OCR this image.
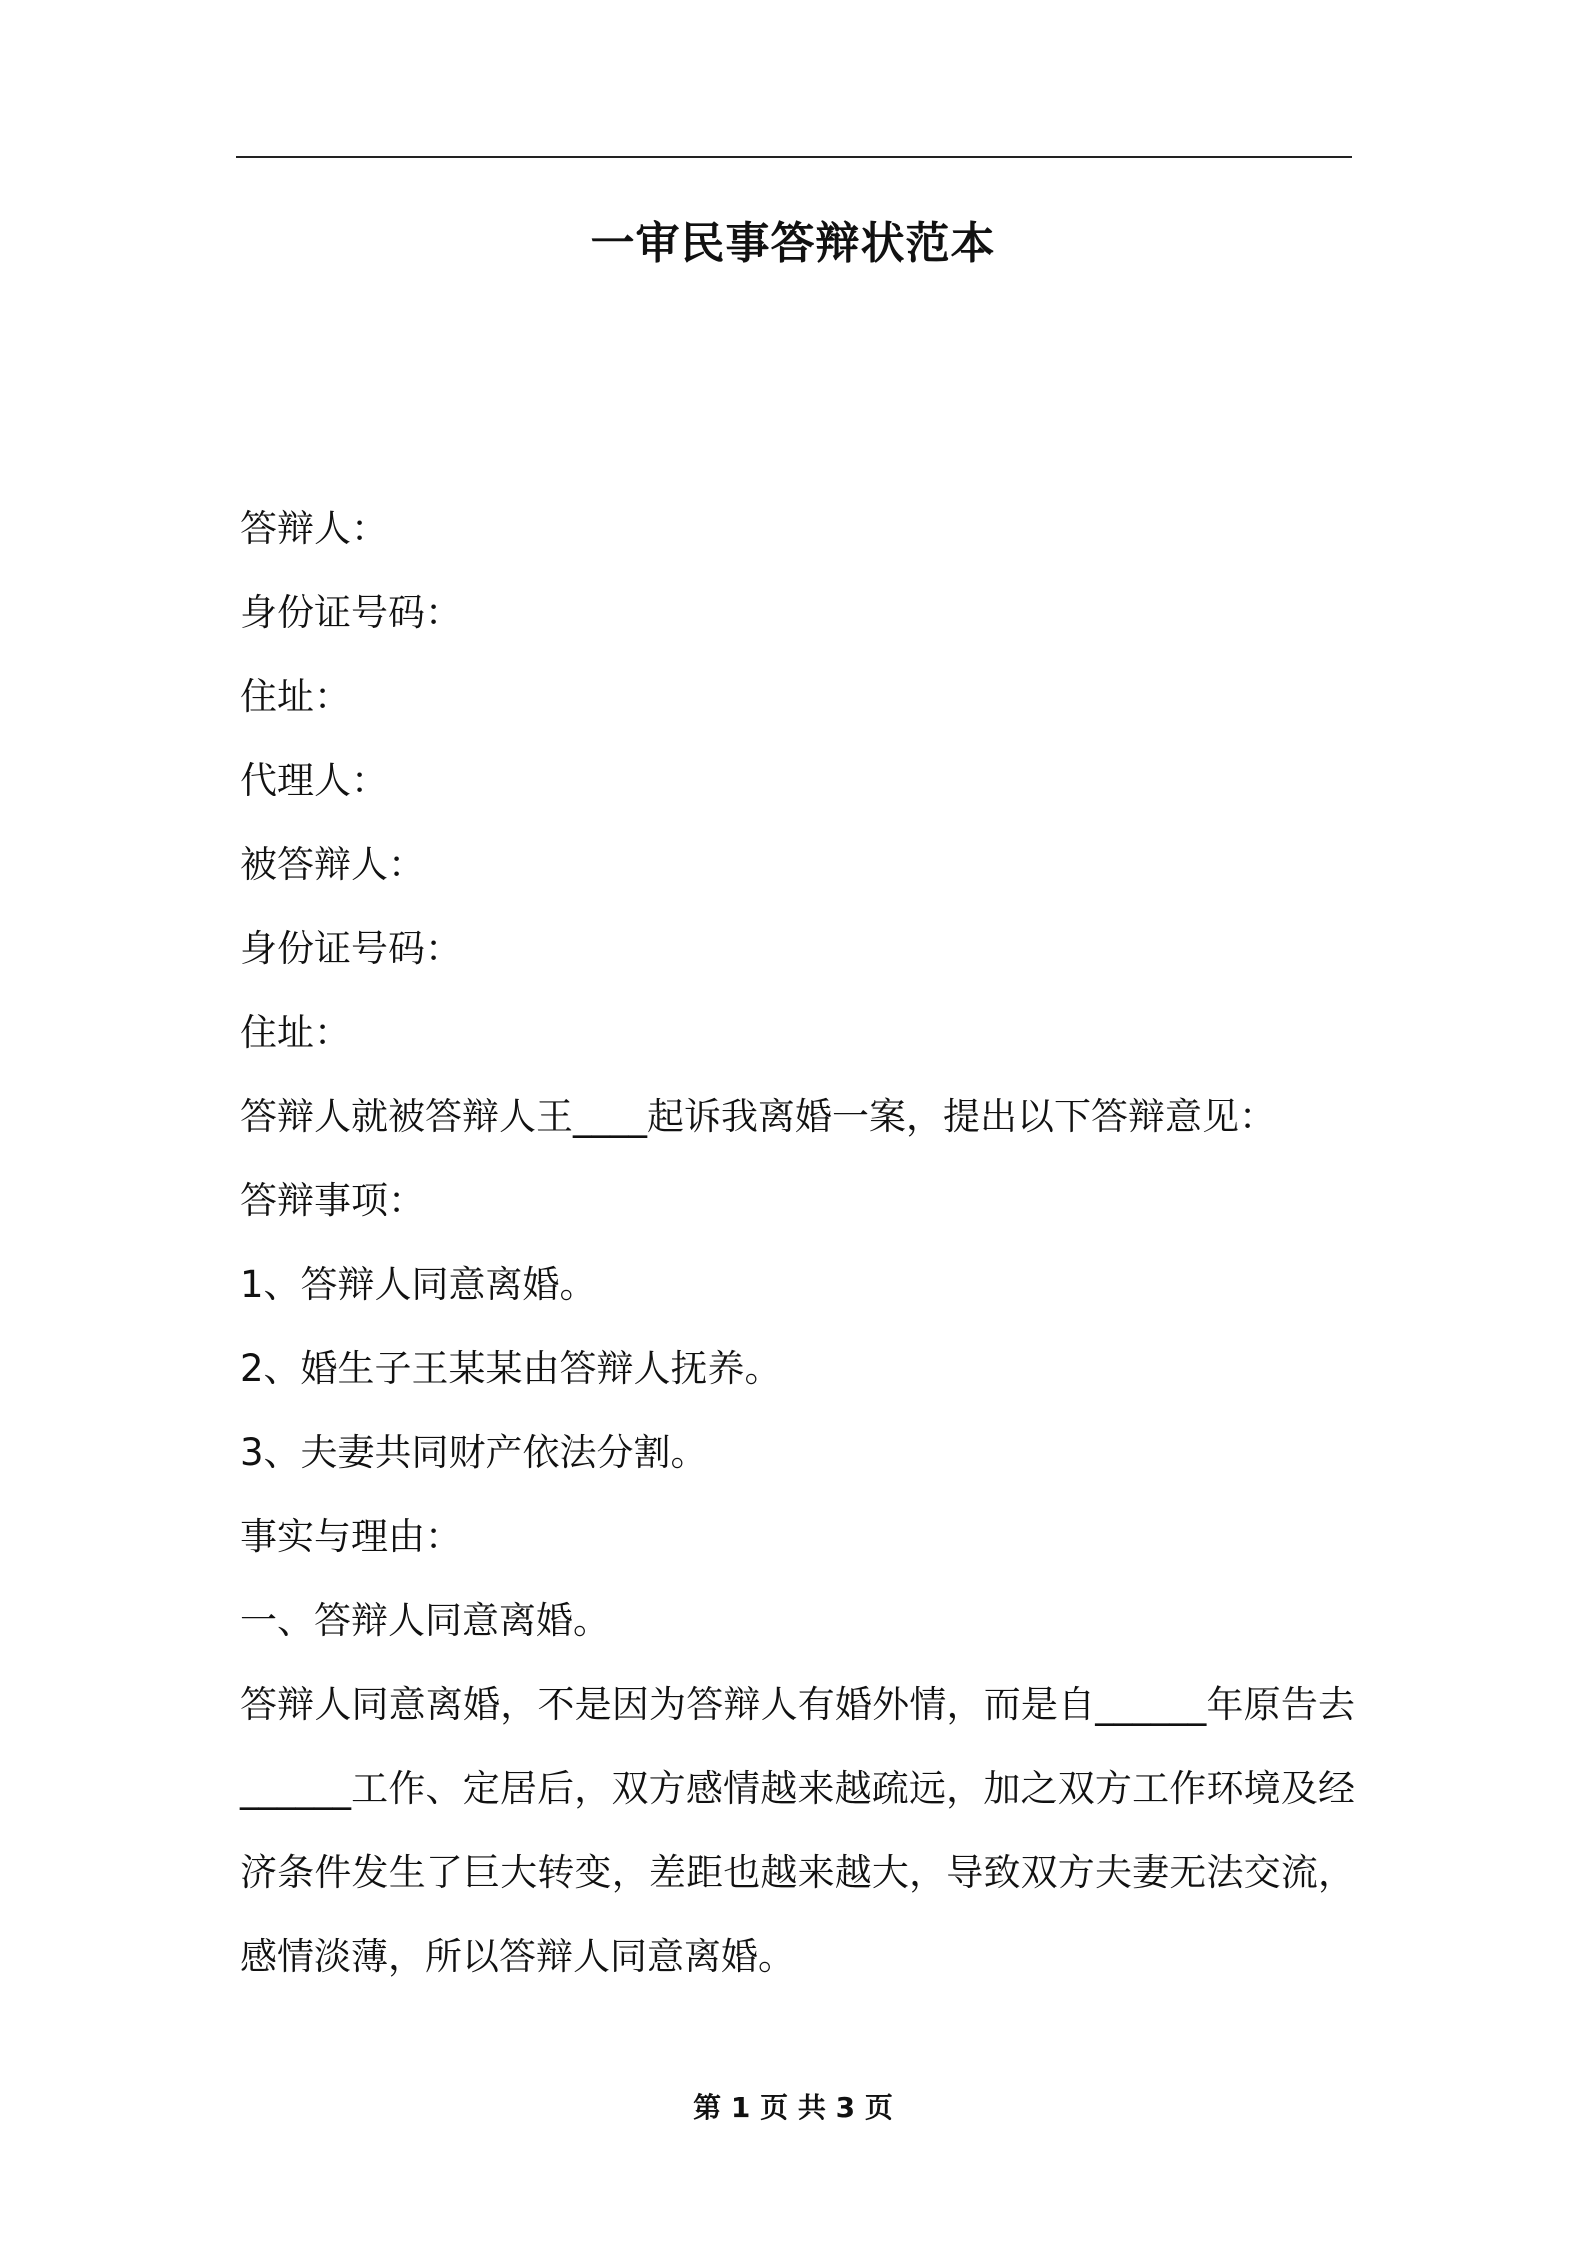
一审民事答辩状范本
答辩人：
身份证号码：
住址：
代理人：
被答辩人：
身份证号码：
住址：
答辩人就被答辩人王____起诉我离婚一案，提出以下答辩意见：
答辩事项：
1、答辩人同意离婚。
2、婚生子王某某由答辩人抚养。
3、夫妻共同财产依法分割。
事实与理由：
一、答辩人同意离婚。

答辩人同意离婚，不是因为答辩人有婚外情，而是自______年原告去______工作、定居后，双方感情越来越疏远，加之双方工作环境及经济条件发生了巨大转变，差距也越来越大，导致双方夫妻无法交流，感情淡薄，所以答辩人同意离婚。

第 1 页 共 3 页
